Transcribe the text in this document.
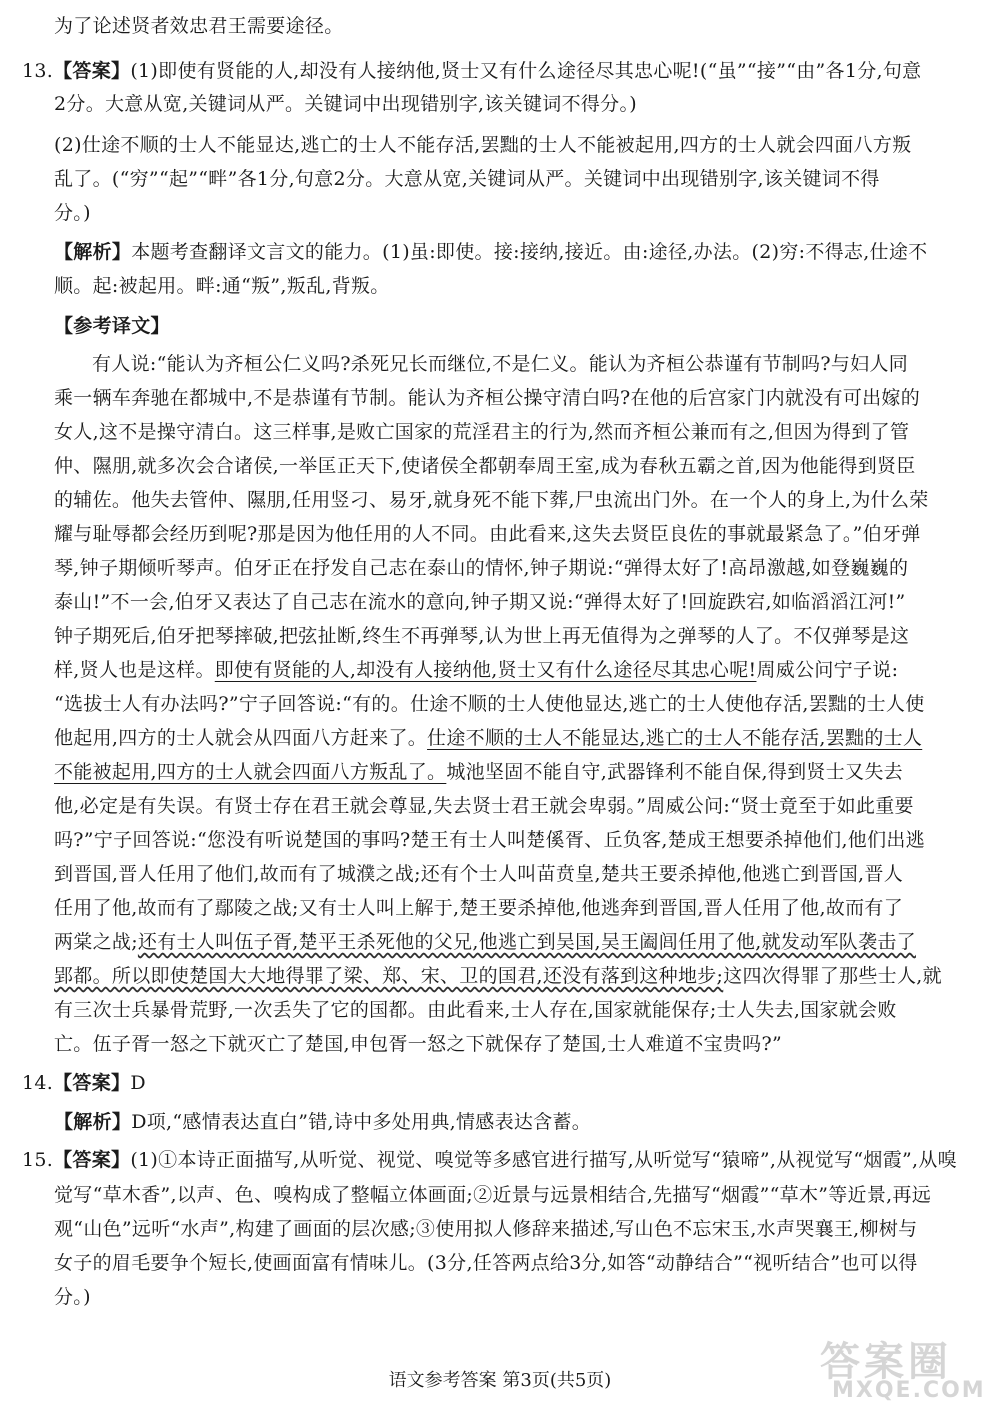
为了论述贤者效忠君王需要途径。
13.【答案】(1)即使有贤能的人,却没有人接纳他,贤士又有什么途径尽其忠心呢!(“虽”“接”“由”各1分,句意
2分。大意从宽,关键词从严。关键词中出现错别字,该关键词不得分。)
(2)仕途不顺的士人不能显达,逃亡的士人不能存活,罢黜的士人不能被起用,四方的士人就会四面八方叛
乱了。(“穷”“起”“畔”各1分,句意2分。大意从宽,关键词从严。关键词中出现错别字,该关键词不得
分。)
【解析】本题考查翻译文言文的能力。(1)虽:即使。接:接纳,接近。由:途径,办法。(2)穷:不得志,仕途不
顺。起:被起用。畔:通“叛”,叛乱,背叛。
【参考译文】
有人说:“能认为齐桓公仁义吗?杀死兄长而继位,不是仁义。能认为齐桓公恭谨有节制吗?与妇人同
乘一辆车奔驰在都城中,不是恭谨有节制。能认为齐桓公操守清白吗?在他的后宫家门内就没有可出嫁的
女人,这不是操守清白。这三样事,是败亡国家的荒淫君主的行为,然而齐桓公兼而有之,但因为得到了管
仲、隰朋,就多次会合诸侯,一举匡正天下,使诸侯全都朝奉周王室,成为春秋五霸之首,因为他能得到贤臣
的辅佐。他失去管仲、隰朋,任用竖刁、易牙,就身死不能下葬,尸虫流出门外。在一个人的身上,为什么荣
耀与耻辱都会经历到呢?那是因为他任用的人不同。由此看来,这失去贤臣良佐的事就最紧急了。”伯牙弹
琴,钟子期倾听琴声。伯牙正在抒发自己志在泰山的情怀,钟子期说:“弹得太好了!高昂激越,如登巍巍的
泰山!”不一会,伯牙又表达了自己志在流水的意向,钟子期又说:“弹得太好了!回旋跌宕,如临滔滔江河!”
钟子期死后,伯牙把琴摔破,把弦扯断,终生不再弹琴,认为世上再无值得为之弹琴的人了。不仅弹琴是这
样,贤人也是这样。即使有贤能的人,却没有人接纳他,贤士又有什么途径尽其忠心呢!周威公问宁子说:
“选拔士人有办法吗?”宁子回答说:“有的。仕途不顺的士人使他显达,逃亡的士人使他存活,罢黜的士人使
他起用,四方的士人就会从四面八方赶来了。仕途不顺的士人不能显达,逃亡的士人不能存活,罢黜的士人
不能被起用,四方的士人就会四面八方叛乱了。城池坚固不能自守,武器锋利不能自保,得到贤士又失去
他,必定是有失误。有贤士存在君王就会尊显,失去贤士君王就会卑弱。”周威公问:“贤士竟至于如此重要
吗?”宁子回答说:“您没有听说楚国的事吗?楚王有士人叫楚傒胥、丘负客,楚成王想要杀掉他们,他们出逃
到晋国,晋人任用了他们,故而有了城濮之战;还有个士人叫苗贲皇,楚共王要杀掉他,他逃亡到晋国,晋人
任用了他,故而有了鄢陵之战;又有士人叫上解于,楚王要杀掉他,他逃奔到晋国,晋人任用了他,故而有了
两棠之战;还有士人叫伍子胥,楚平王杀死他的父兄,他逃亡到吴国,吴王阖闾任用了他,就发动军队袭击了
郢都。所以即使楚国大大地得罪了梁、郑、宋、卫的国君,还没有落到这种地步;这四次得罪了那些士人,就
有三次士兵暴骨荒野,一次丢失了它的国都。由此看来,士人存在,国家就能保存;士人失去,国家就会败
亡。伍子胥一怒之下就灭亡了楚国,申包胥一怒之下就保存了楚国,士人难道不宝贵吗?”
14.【答案】D
【解析】D项,“感情表达直白”错,诗中多处用典,情感表达含蓄。
15.【答案】(1)①本诗正面描写,从听觉、视觉、嗅觉等多感官进行描写,从听觉写“猿啼”,从视觉写“烟霞”,从嗅
觉写“草木香”,以声、色、嗅构成了整幅立体画面;②近景与远景相结合,先描写“烟霞”“草木”等近景,再远
观“山色”远听“水声”,构建了画面的层次感;③使用拟人修辞来描述,写山色不忘宋玉,水声哭襄王,柳树与
女子的眉毛要争个短长,使画面富有情味儿。(3分,任答两点给3分,如答“动静结合”“视听结合”也可以得
分。)
语文参考答案 第3页(共5页)	答案圈
MXQE.COM
